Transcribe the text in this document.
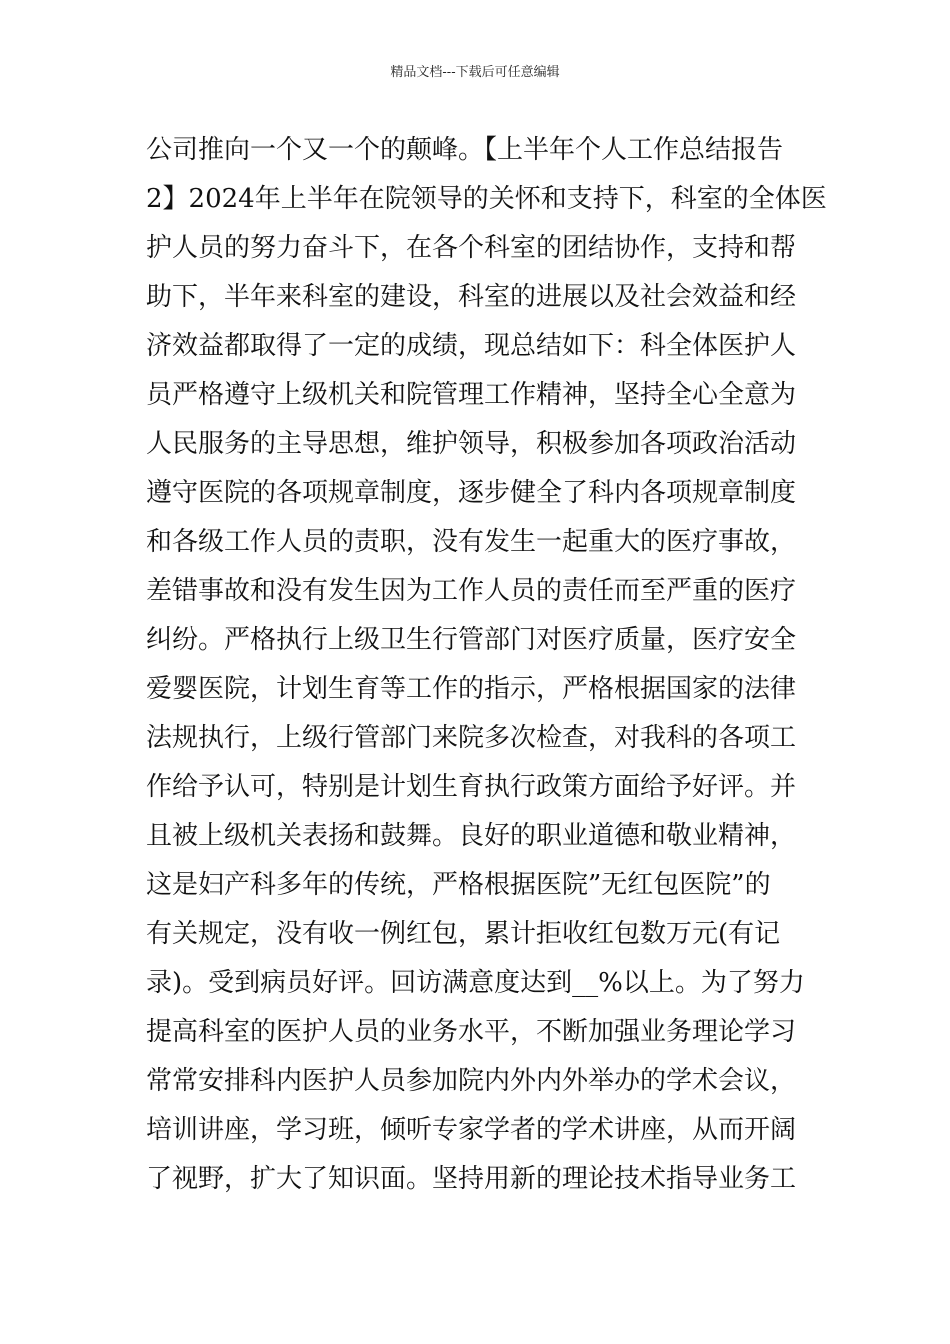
精品文档---下载后可任意编辑
公司推向一个又一个的颠峰。【上半年个人工作总结报告
2】2024年上半年在院领导的关怀和支持下，科室的全体医
护人员的努力奋斗下，在各个科室的团结协作，支持和帮
助下，半年来科室的建设，科室的进展以及社会效益和经
济效益都取得了一定的成绩，现总结如下：科全体医护人
员严格遵守上级机关和院管理工作精神，坚持全心全意为
人民服务的主导思想，维护领导，积极参加各项政治活动
遵守医院的各项规章制度，逐步健全了科内各项规章制度
和各级工作人员的责职，没有发生一起重大的医疗事故，
差错事故和没有发生因为工作人员的责任而至严重的医疗
纠纷。严格执行上级卫生行管部门对医疗质量，医疗安全
爱婴医院，计划生育等工作的指示，严格根据国家的法律
法规执行，上级行管部门来院多次检查，对我科的各项工
作给予认可，特别是计划生育执行政策方面给予好评。并
且被上级机关表扬和鼓舞。良好的职业道德和敬业精神，
这是妇产科多年的传统，严格根据医院”无红包医院”的
有关规定，没有收一例红包，累计拒收红包数万元(有记
录)。受到病员好评。回访满意度达到__%以上。为了努力
提高科室的医护人员的业务水平，不断加强业务理论学习
常常安排科内医护人员参加院内外内外举办的学术会议，
培训讲座，学习班，倾听专家学者的学术讲座，从而开阔
了视野，扩大了知识面。坚持用新的理论技术指导业务工
